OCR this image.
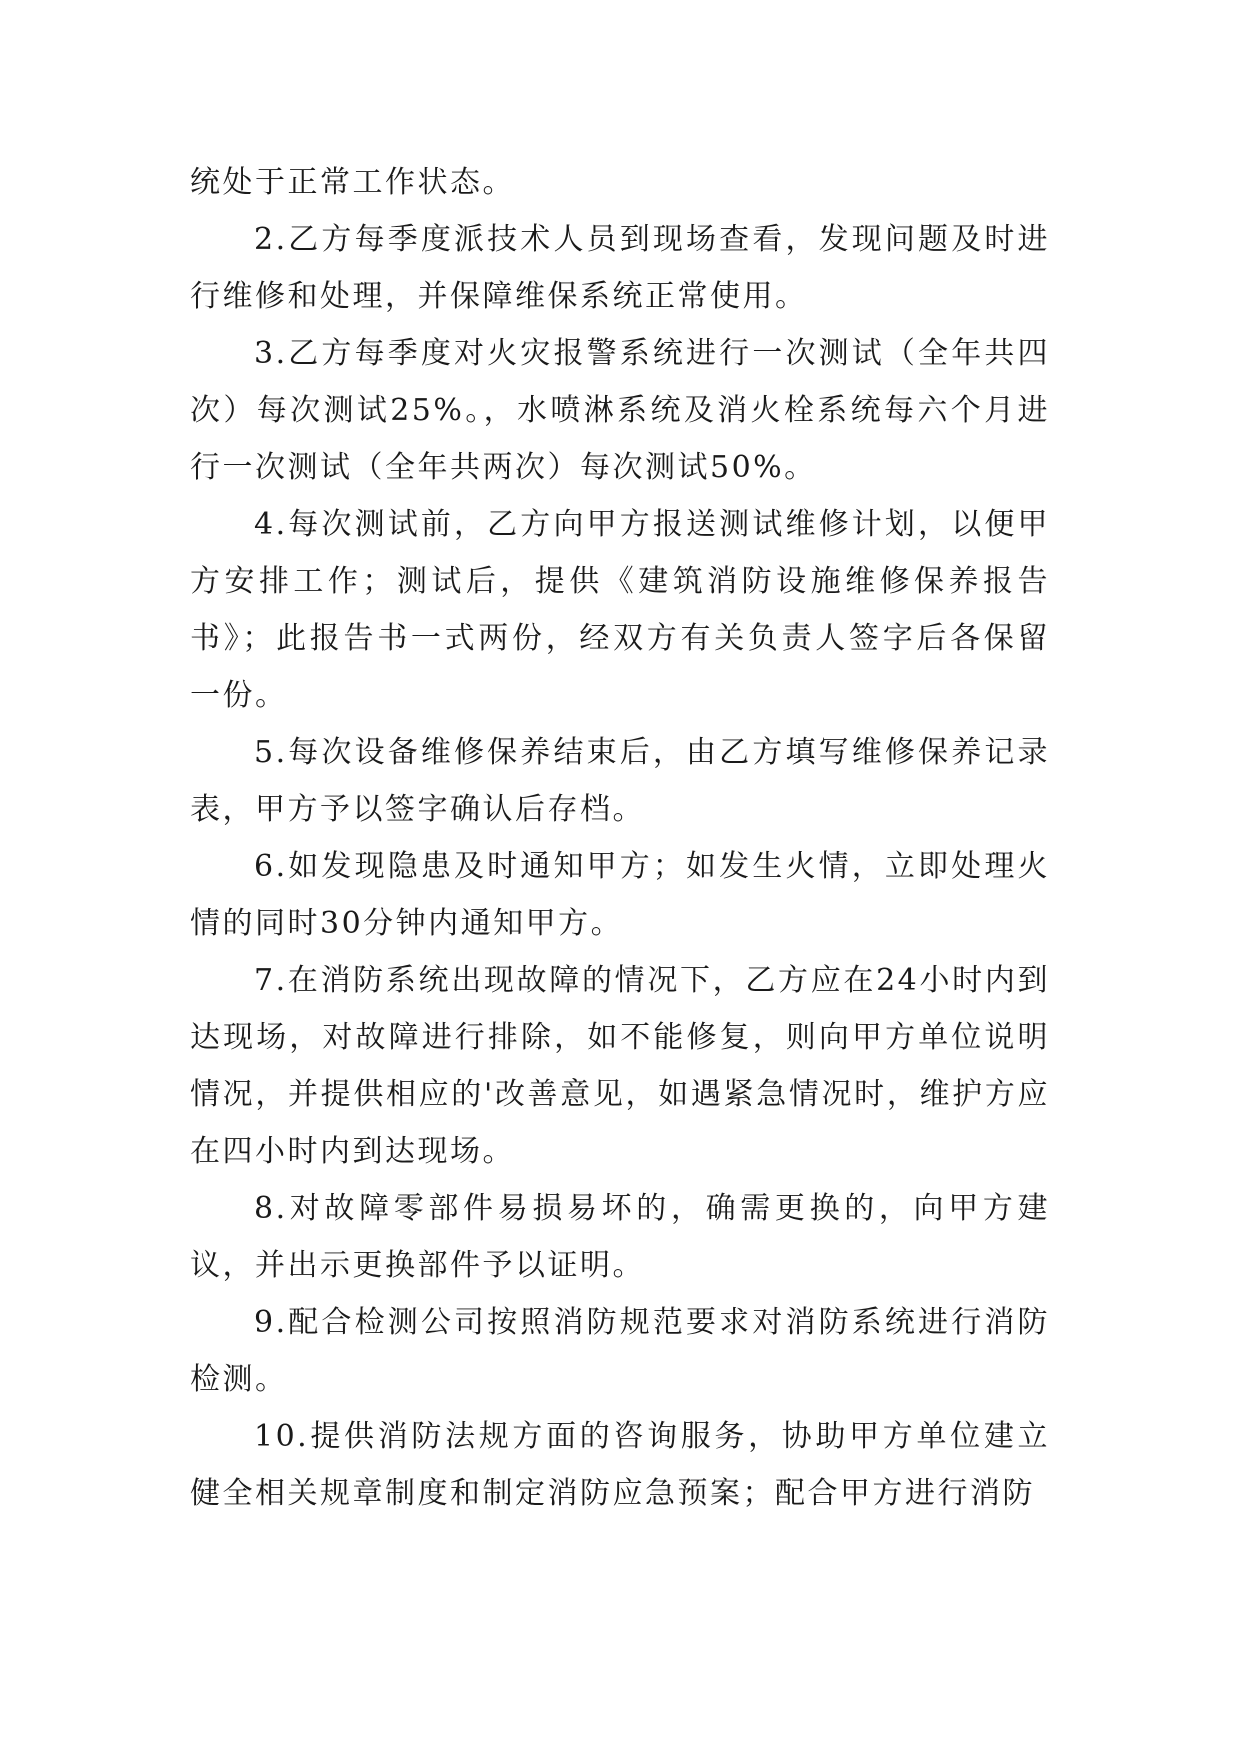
统处于正常工作状态。

2.乙方每季度派技术人员到现场查看，发现问题及时进行维修和处理，并保障维保系统正常使用。

3.乙方每季度对火灾报警系统进行一次测试（全年共四次）每次测试25%。，水喷淋系统及消火栓系统每六个月进行一次测试（全年共两次）每次测试50%。

4.每次测试前，乙方向甲方报送测试维修计划，以便甲方安排工作；测试后，提供《建筑消防设施维修保养报告书》；此报告书一式两份，经双方有关负责人签字后各保留一份。

5.每次设备维修保养结束后，由乙方填写维修保养记录表，甲方予以签字确认后存档。

6.如发现隐患及时通知甲方；如发生火情，立即处理火情的同时30分钟内通知甲方。

7.在消防系统出现故障的情况下，乙方应在24小时内到达现场，对故障进行排除，如不能修复，则向甲方单位说明情况，并提供相应的'改善意见，如遇紧急情况时，维护方应在四小时内到达现场。

8.对故障零部件易损易坏的，确需更换的，向甲方建议，并出示更换部件予以证明。

9.配合检测公司按照消防规范要求对消防系统进行消防检测。

10.提供消防法规方面的咨询服务，协助甲方单位建立健全相关规章制度和制定消防应急预案；配合甲方进行消防
